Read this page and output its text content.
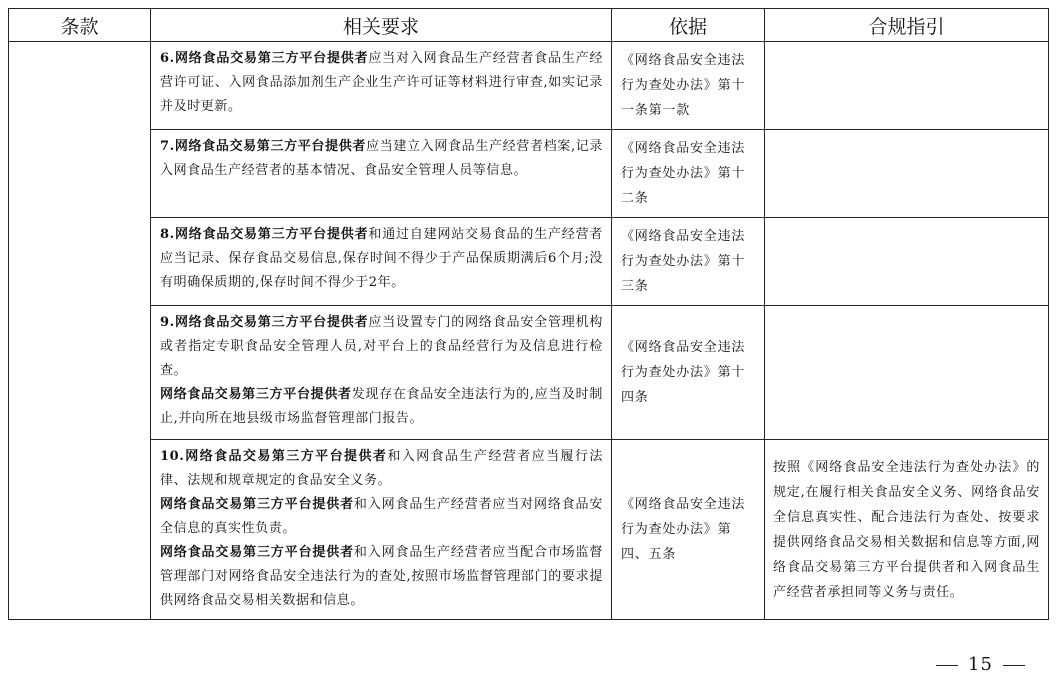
条款	相关要求	依据	合规指引

	6.网络食品交易第三方平台提供者应当对入网食品生产经营者食品生产经营许可证、入网食品添加剂生产企业生产许可证等材料进行审查,如实记录并及时更新。	《网络食品安全违法行为查处办法》第十一条第一款	

	7.网络食品交易第三方平台提供者应当建立入网食品生产经营者档案,记录入网食品生产经营者的基本情况、食品安全管理人员等信息。	《网络食品安全违法行为查处办法》第十二条	

	8.网络食品交易第三方平台提供者和通过自建网站交易食品的生产经营者应当记录、保存食品交易信息,保存时间不得少于产品保质期满后6个月;没有明确保质期的,保存时间不得少于2年。	《网络食品安全违法行为查处办法》第十三条	

	9.网络食品交易第三方平台提供者应当设置专门的网络食品安全管理机构或者指定专职食品安全管理人员,对平台上的食品经营行为及信息进行检查。
网络食品交易第三方平台提供者发现存在食品安全违法行为的,应当及时制止,并向所在地县级市场监督管理部门报告。	《网络食品安全违法行为查处办法》第十四条	

	10.网络食品交易第三方平台提供者和入网食品生产经营者应当履行法律、法规和规章规定的食品安全义务。
网络食品交易第三方平台提供者和入网食品生产经营者应当对网络食品安全信息的真实性负责。
网络食品交易第三方平台提供者和入网食品生产经营者应当配合市场监督管理部门对网络食品安全违法行为的查处,按照市场监督管理部门的要求提供网络食品交易相关数据和信息。	《网络食品安全违法行为查处办法》第四、五条	按照《网络食品安全违法行为查处办法》的规定,在履行相关食品安全义务、网络食品安全信息真实性、配合违法行为查处、按要求提供网络食品交易相关数据和信息等方面,网络食品交易第三方平台提供者和入网食品生产经营者承担同等义务与责任。
15
